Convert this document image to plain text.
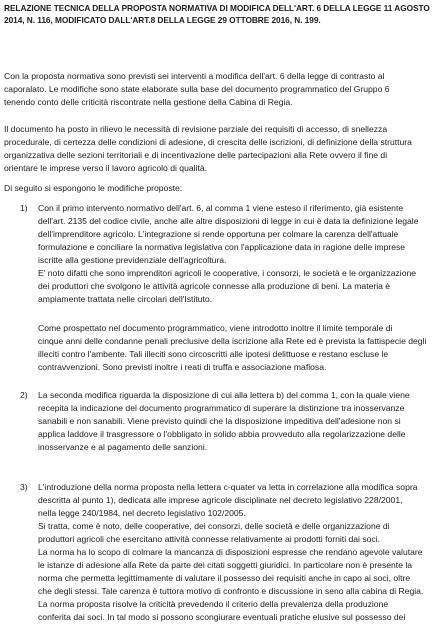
RELAZIONE TECNICA DELLA PROPOSTA NORMATIVA DI MODIFICA DELL'ART. 6 DELLA LEGGE 11 AGOSTO
2014, N. 116, MODIFICATO DALL'ART.8 DELLA LEGGE 29 OTTOBRE 2016, N. 199.
Con la proposta normativa sono previsti sei interventi a modifica dell'art. 6 della legge di contrasto al
caporalato. Le modifiche sono state elaborate sulla base del documento programmatico del Gruppo 6
tenendo conto delle criticità riscontrate nella gestione della Cabina di Regia.
Il documento ha posto in rilievo le necessità di revisione parziale dei requisiti di accesso, di snellezza
procedurale, di certezza delle condizioni di adesione, di crescita delle iscrizioni, di definizione della struttura
organizzativa delle sezioni territoriali e di incentivazione delle partecipazioni alla Rete ovvero il fine di
orientare le imprese verso il lavoro agricolo di qualità.
Di seguito si espongono le modifiche proposte:
1) Con il primo intervento normativo dell'art. 6, al comma 1 viene esteso il riferimento, già esistente
dell'art. 2135 del codice civile, anche alle altre disposizioni di legge in cui è data la definizione legale
dell'imprenditore agricolo. L'integrazione si rende opportuna per colmare la carenza dell'attuale
formulazione e conciliare la normativa legislativa con l'applicazione data in ragione delle imprese
iscritte alla gestione previdenziale dell'agricoltura.
E' noto difatti che sono imprenditori agricoli le cooperative, i consorzi, le società e le organizzazione
dei produttori che svolgono le attività agricole connesse alla produzione di beni. La materia è
ampiamente trattata nelle circolari dell'Istituto.
Come prospettato nel documento programmatico, viene introdotto inoltre il limite temporale di
cinque anni delle condanne penali preclusive della iscrizione alla Rete ed è prevista la fattispecie degli
illeciti contro l'ambente. Tali illeciti sono circoscritti alle ipotesi delittuose e restano escluse le
contravvenzioni. Sono previsti inoltre i reati di truffa e associazione mafiosa.
2) La seconda modifica riguarda la disposizione di cui alla lettera b) del comma 1, con la quale viene
recepita la indicazione del documento programmatico di superare la distinzione tra inosservanze
sanabili e non sanabili. Viene previsto quindi che la disposizione impeditiva dell'adesione non si
applica laddove il trasgressore o l'obbligato in solido abbia provveduto alla regolarizzazione delle
inosservanze e al pagamento delle sanzioni.
3) L'introduzione della norma proposta nella lettera c-quater va letta in correlazione alla modifica sopra
descritta al punto 1), dedicata alle imprese agricole disciplinate nel decreto legislativo 228/2001,
nella legge 240/1984, nel decreto legislativo 102/2005.
Si tratta, come è noto, delle cooperative, dei consorzi, delle società e delle organizzazione di
produttori agricoli che esercitano attività connesse relativamente ai prodotti forniti dai soci.
La norma ha lo scopo di colmare la mancanza di disposizioni espresse che rendano agevole valutare
le istanze di adesione alla Rete da parte dei citati soggetti giuridici. In particolare non è presente la
norma che permetta legittimamente di valutare il possesso dei requisiti anche in capo ai soci, oltre
che degli stessi. Tale carenza è tuttora motivo di confronto e discussione in seno alla cabina di Regia.
La norma proposta risolve la criticità prevedendo il criterio della prevalenza della produzione
conferita dai soci. In tal modo si possono scongiurare eventuali pratiche elusive sul possesso dei
